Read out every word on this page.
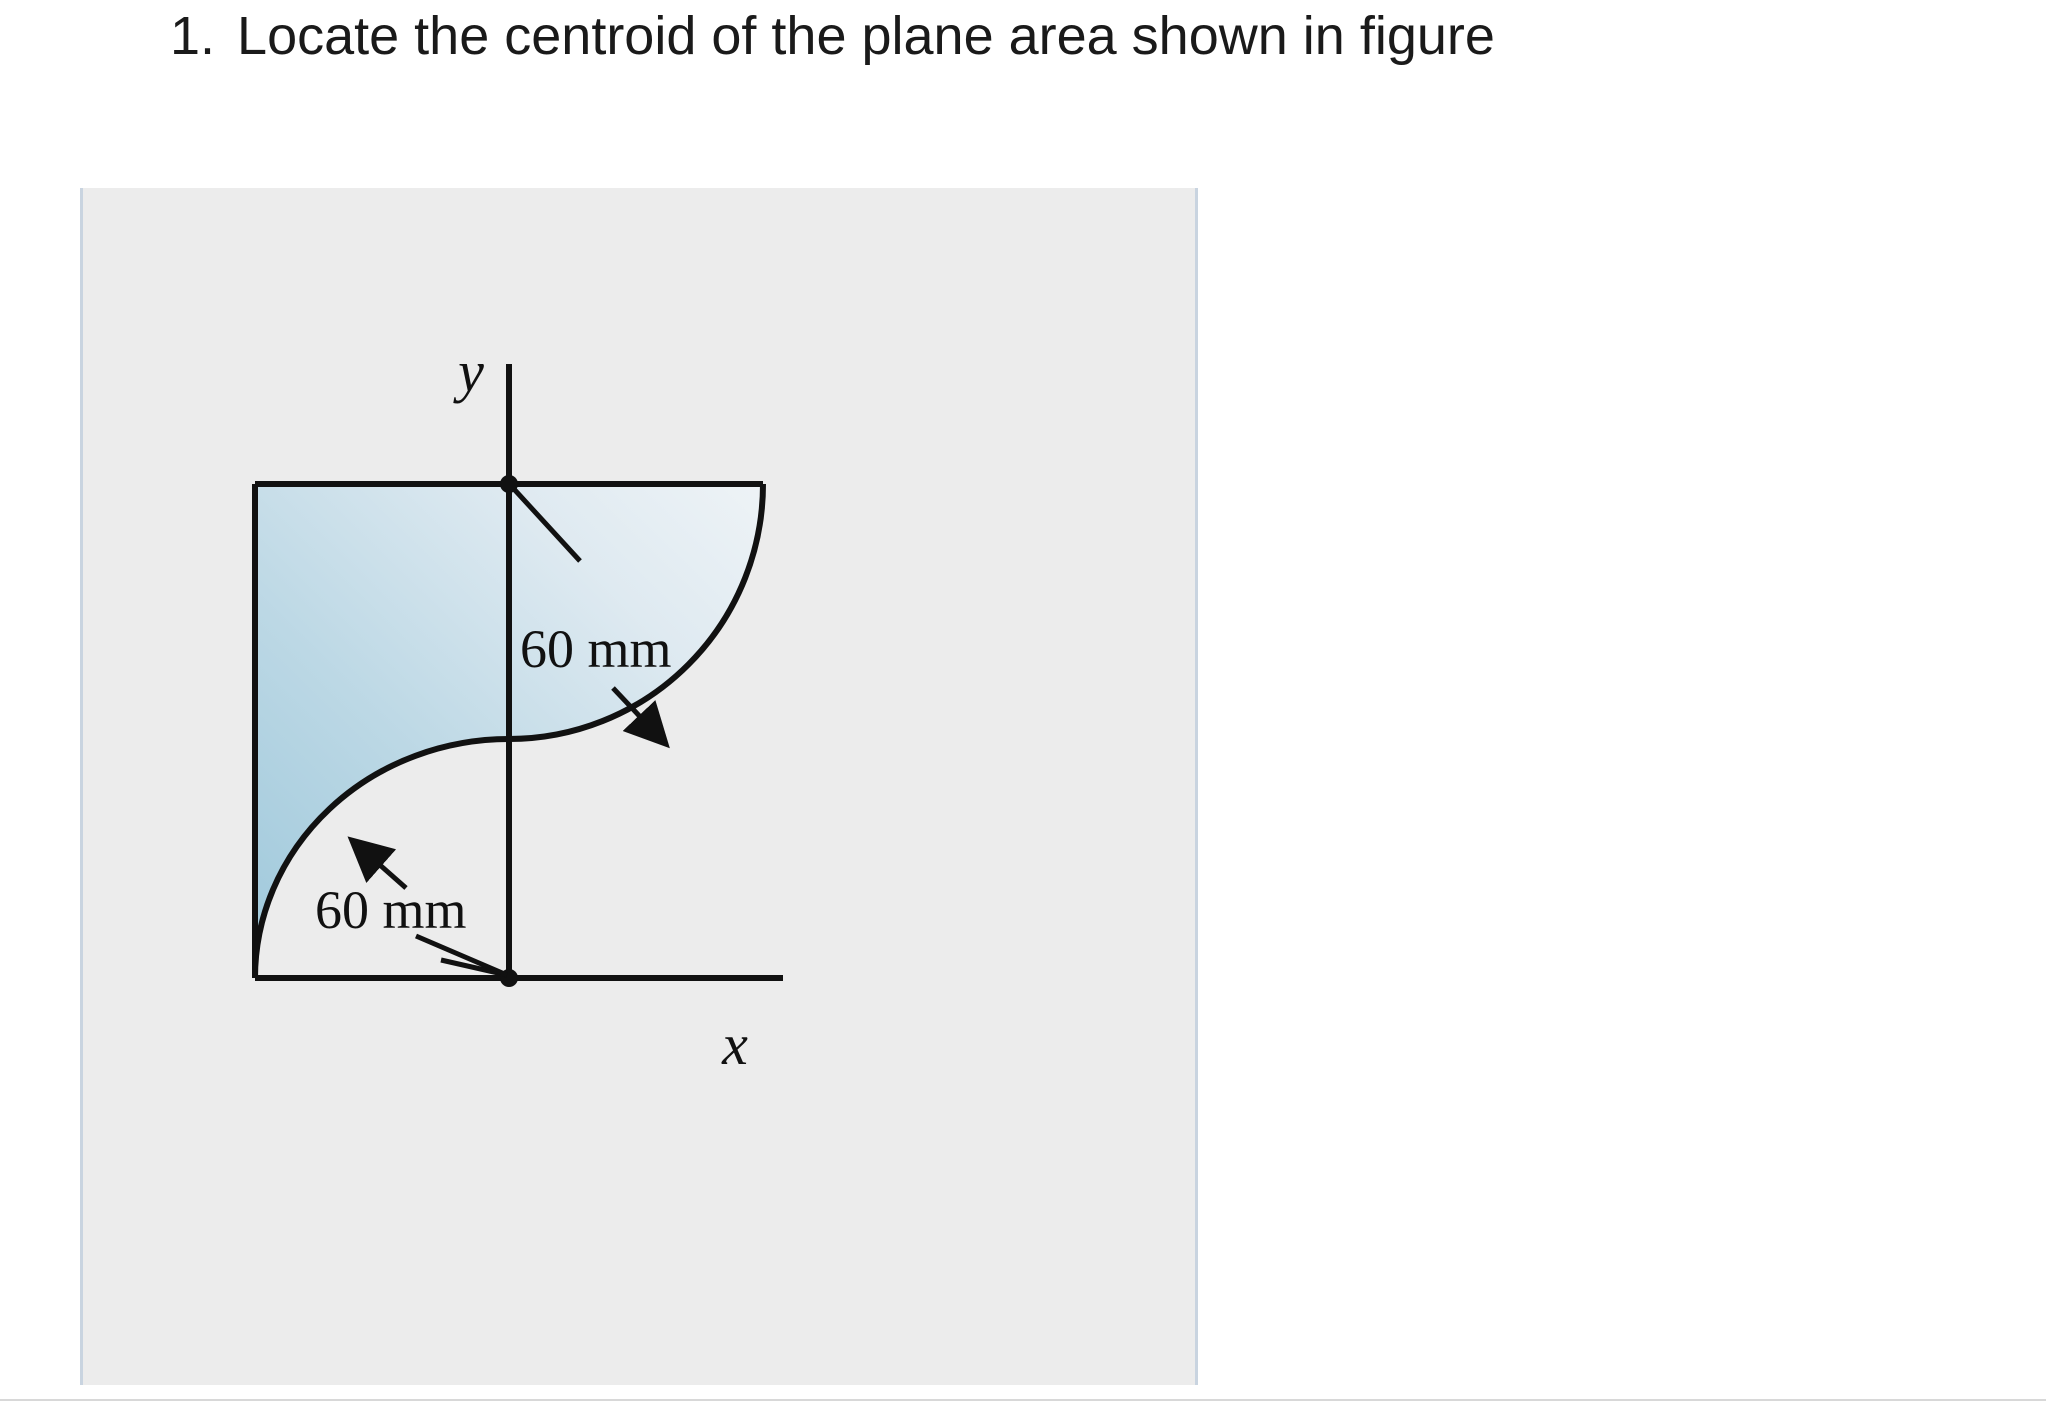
1. Locate the centroid of the plane area shown in figure
y
x
60 mm
60 mm
